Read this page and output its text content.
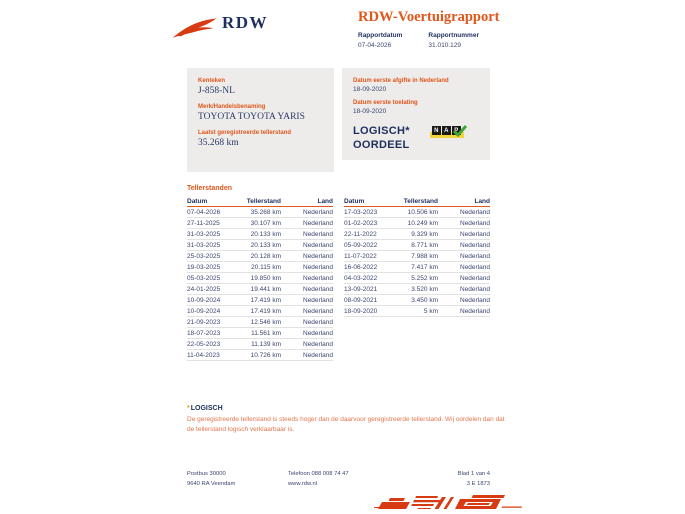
RDW	RDW-Voertuigrapport
Rapportdatum
07-04-2026
Rapportnummer
31.010.129
Kenteken
J-858-NL
Merk/Handelsbenaming
TOYOTA TOYOTA YARIS
Laatst geregistreerde tellerstand
35.268 km
Datum eerste afgifte in Nederland
18-09-2020
Datum eerste toelating
18-09-2020
LOGISCH*
OORDEEL
N A P
Tellerstanden
Datum	Tellerstand	Land
07-04-2026	35.268 km	Nederland
27-11-2025	30.107 km	Nederland
31-03-2025	20.133 km	Nederland
31-03-2025	20.133 km	Nederland
25-03-2025	20.128 km	Nederland
19-03-2025	20.115 km	Nederland
05-03-2025	19.850 km	Nederland
24-01-2025	19.441 km	Nederland
10-09-2024	17.419 km	Nederland
10-09-2024	17.419 km	Nederland
21-09-2023	12.546 km	Nederland
18-07-2023	11.561 km	Nederland
22-05-2023	11.139 km	Nederland
11-04-2023	10.726 km	Nederland
Datum	Tellerstand	Land
17-03-2023	10.506 km	Nederland
01-02-2023	10.249 km	Nederland
22-11-2022	9.329 km	Nederland
05-09-2022	8.771 km	Nederland
11-07-2022	7.988 km	Nederland
16-06-2022	7.417 km	Nederland
04-03-2022	5.252 km	Nederland
13-09-2021	3.520 km	Nederland
08-09-2021	3.450 km	Nederland
18-09-2020	5 km	Nederland
*LOGISCH
De geregistreerde tellerstand is steeds hoger dan de daarvoor geregistreerde tellerstand. Wij oordelen dan dat de tellerstand logisch verklaarbaar is.
Postbus 30000
9640 RA Veendam
Telefoon 088 008 74 47
www.rdw.nl
Blad 1 van 4
3 E 1873
